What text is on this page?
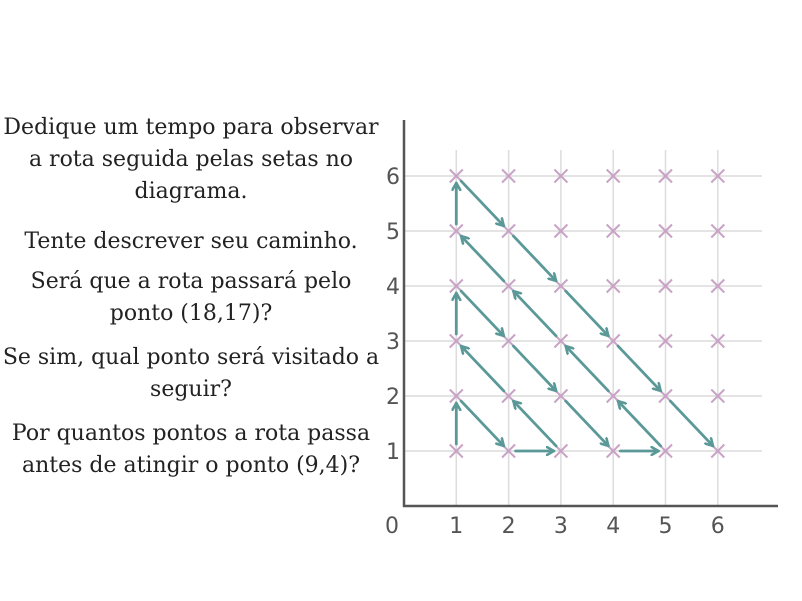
Dedique um tempo para observar a rota seguida pelas setas no diagrama.

Tente descrever seu caminho.

Será que a rota passará pelo ponto (18,17)?

Se sim, qual ponto será visitado a seguir?

Por quantos pontos a rota passa antes de atingir o ponto (9,4)?

0 1 2 3 4 5 6
1
2
3
4
5
6
